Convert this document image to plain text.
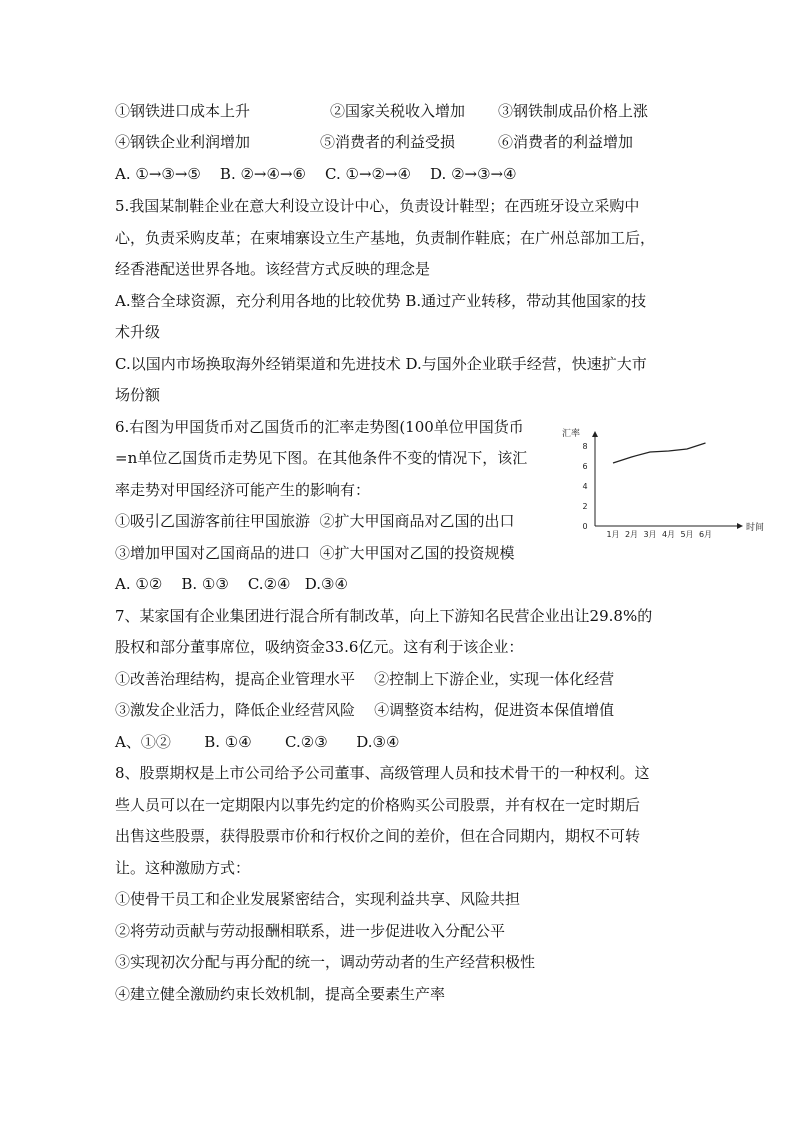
①钢铁进口成本上升	②国家关税收入增加 ③钢铁制成品价格上涨
④钢铁企业利润增加	⑤消费者的利益受损	⑥消费者的利益增加
A. ①→③→⑤    B. ②→④→⑥    C. ①→②→④    D. ②→③→④
5.我国某制鞋企业在意大利设立设计中心，负责设计鞋型；在西班牙设立采购中
心，负责采购皮革；在柬埔寨设立生产基地，负责制作鞋底；在广州总部加工后，
经香港配送世界各地。该经营方式反映的理念是
A.整合全球资源，充分利用各地的比较优势 B.通过产业转移，带动其他国家的技
术升级
C.以国内市场换取海外经销渠道和先进技术 D.与国外企业联手经营，快速扩大市
场份额
6.右图为甲国货币对乙国货币的汇率走势图(100单位甲国货币
=n单位乙国货币走势见下图。在其他条件不变的情况下，该汇
率走势对甲国经济可能产生的影响有：
①吸引乙国游客前往甲国旅游  ②扩大甲国商品对乙国的出口
③增加甲国对乙国商品的进口  ④扩大甲国对乙国的投资规模
A. ①②    B. ①③    C.②④   D.③④
汇率
时间
0
2
4
6
8
1月 2月 3月 4月 5月 6月
7、某家国有企业集团进行混合所有制改革，向上下游知名民营企业出让29.8%的
股权和部分董事席位，吸纳资金33.6亿元。这有利于该企业：
①改善治理结构，提高企业管理水平    ②控制上下游企业，实现一体化经营
③激发企业活力，降低企业经营风险    ④调整资本结构，促进资本保值增值
A、①②       B. ①④       C.②③      D.③④
8、股票期权是上市公司给予公司董事、高级管理人员和技术骨干的一种权利。这
些人员可以在一定期限内以事先约定的价格购买公司股票，并有权在一定时期后
出售这些股票，获得股票市价和行权价之间的差价，但在合同期内，期权不可转
让。这种激励方式：
①使骨干员工和企业发展紧密结合，实现利益共享、风险共担
②将劳动贡献与劳动报酬相联系，进一步促进收入分配公平
③实现初次分配与再分配的统一，调动劳动者的生产经营积极性
④建立健全激励约束长效机制，提高全要素生产率
